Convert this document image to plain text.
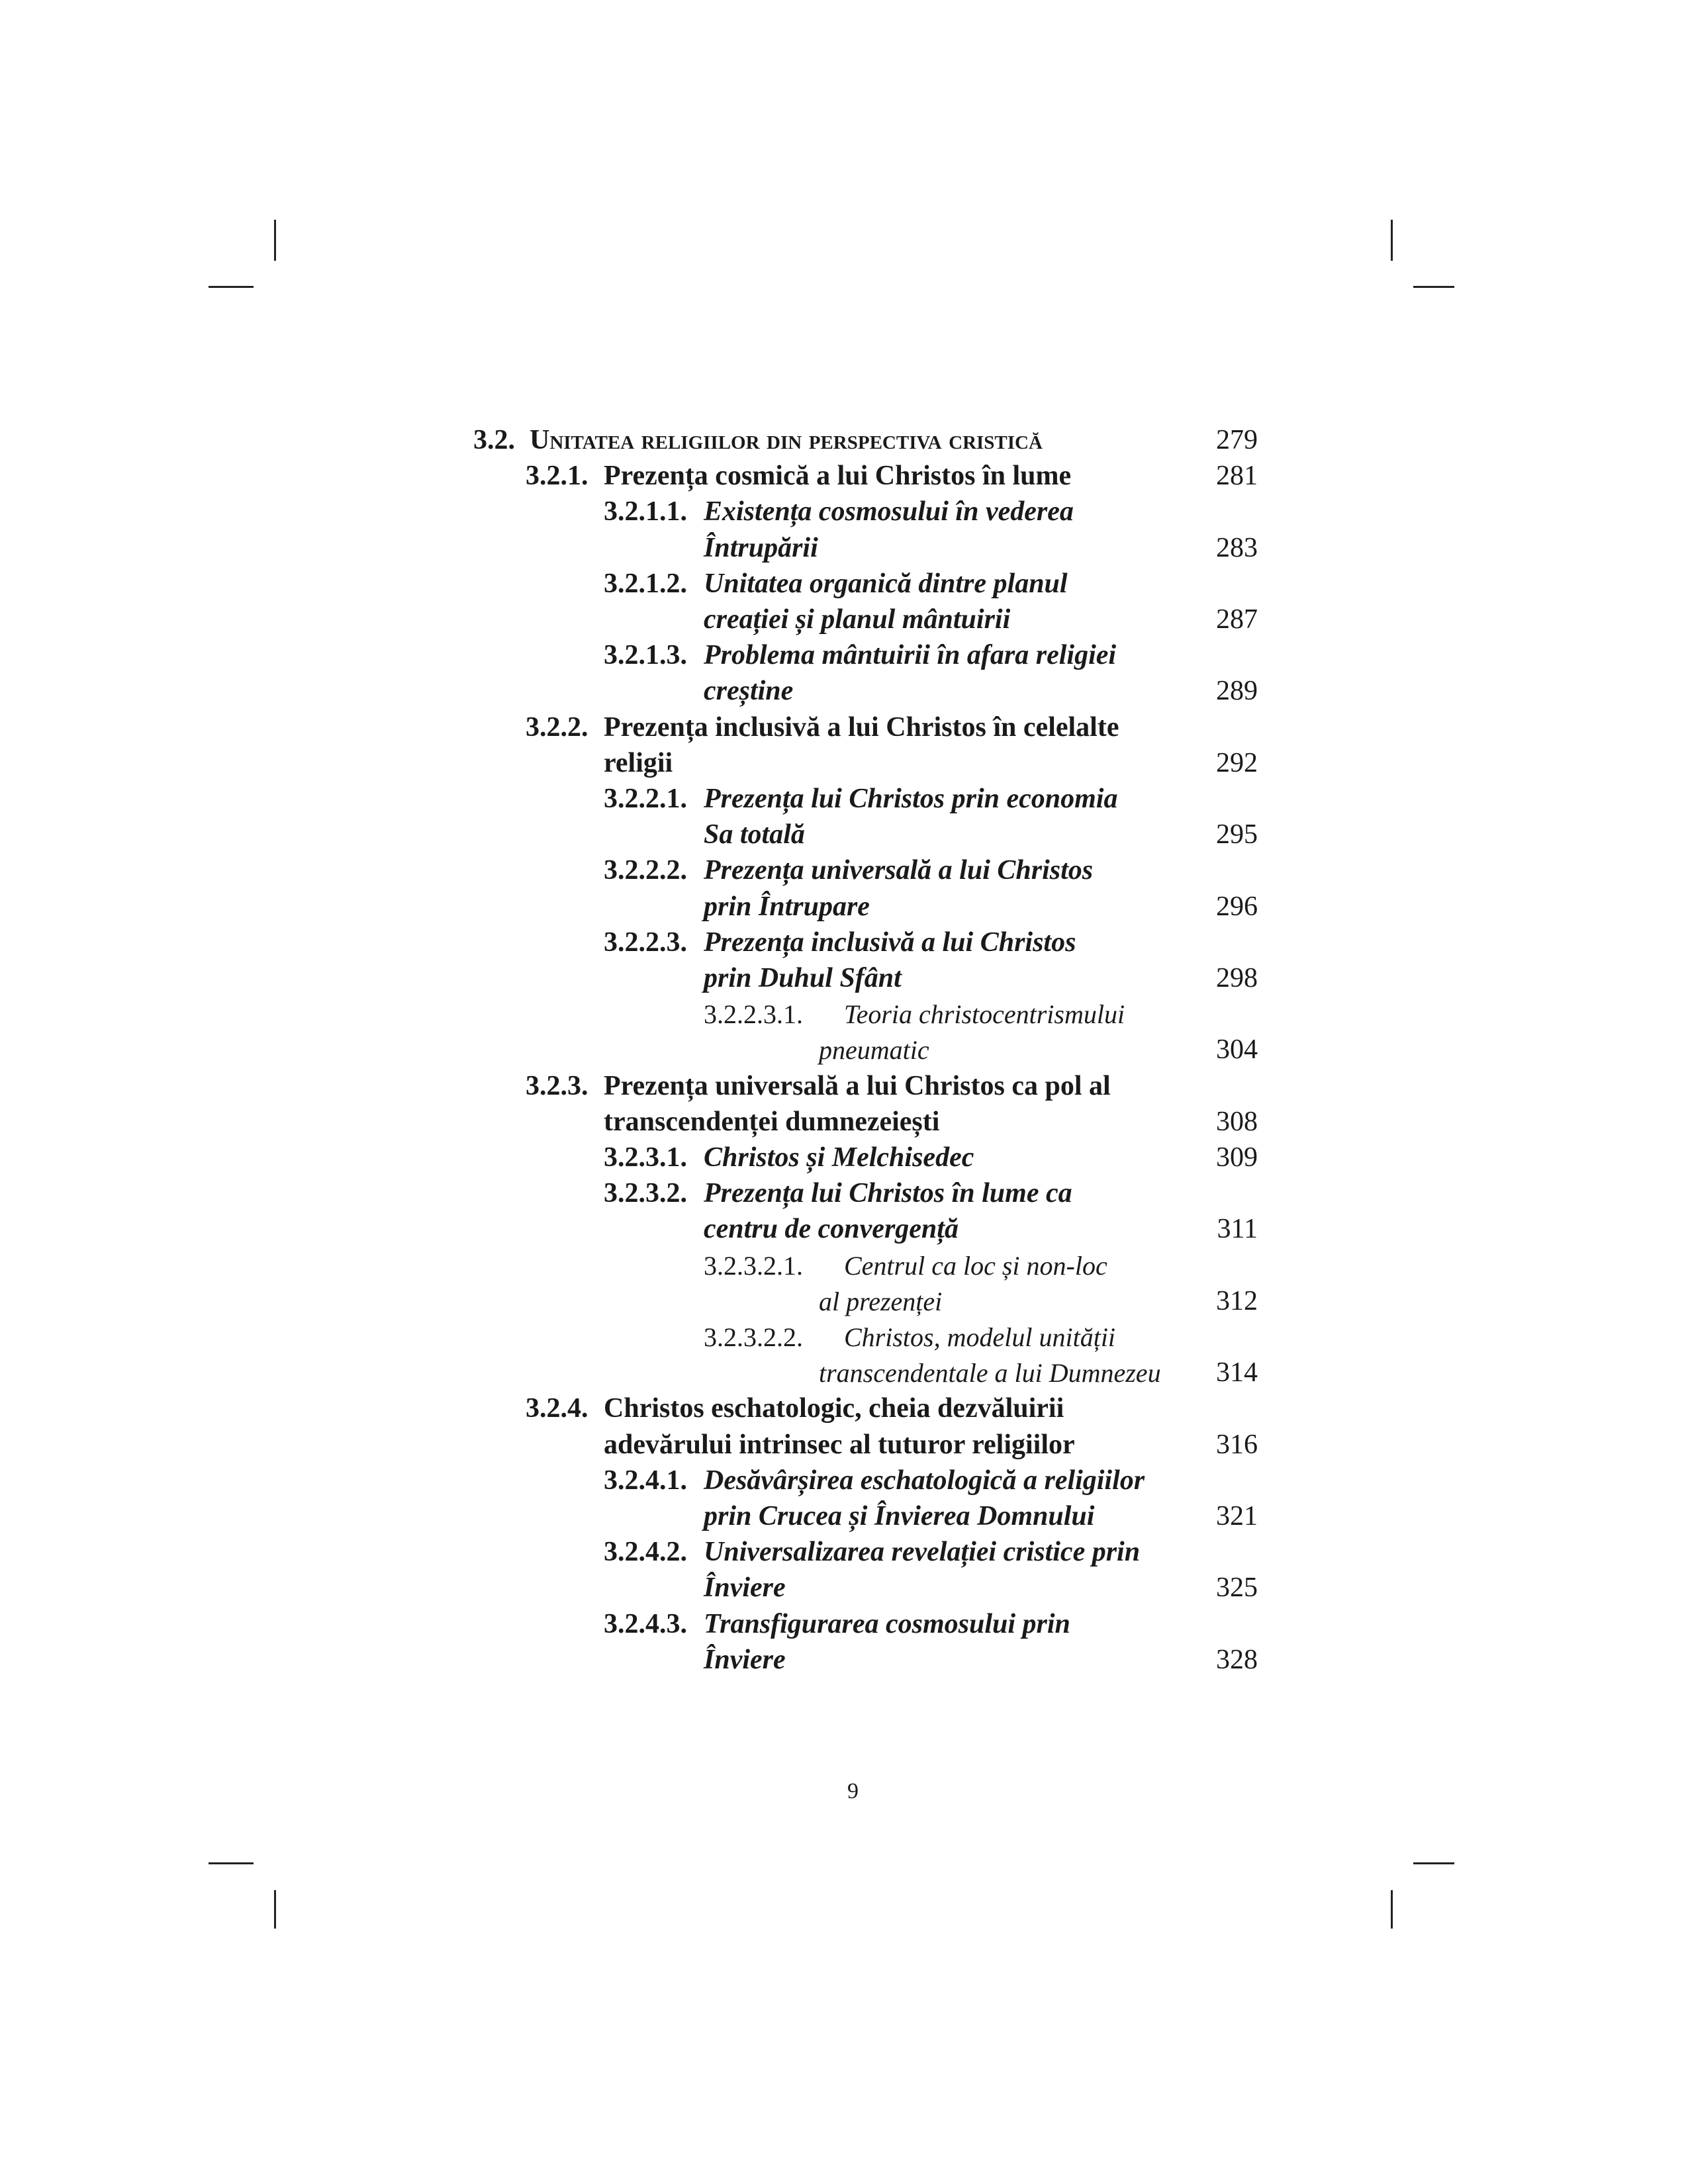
3.2. Unitatea religiilor din perspectiva cristică	279
3.2.1. Prezența cosmică a lui Christos în lume	281
3.2.1.1. Existența cosmosului în vederea
Întrupării	283
3.2.1.2. Unitatea organică dintre planul
creației și planul mântuirii	287
3.2.1.3. Problema mântuirii în afara religiei
creștine	289
3.2.2. Prezența inclusivă a lui Christos în celelalte
religii	292
3.2.2.1. Prezența lui Christos prin economia
Sa totală	295
3.2.2.2. Prezența universală a lui Christos
prin Întrupare	296
3.2.2.3. Prezența inclusivă a lui Christos
prin Duhul Sfânt	298
3.2.2.3.1. Teoria christocentrismului
pneumatic	304
3.2.3. Prezența universală a lui Christos ca pol al
transcendenței dumnezeiești	308
3.2.3.1. Christos și Melchisedec	309
3.2.3.2. Prezența lui Christos în lume ca
centru de convergență	311
3.2.3.2.1. Centrul ca loc și non-loc
al prezenței	312
3.2.3.2.2. Christos, modelul unității
transcendentale a lui Dumnezeu 314
3.2.4. Christos eschatologic, cheia dezvăluirii
adevărului intrinsec al tuturor religiilor	316
3.2.4.1. Desăvârșirea eschatologică a religiilor
prin Crucea și Învierea Domnului	321
3.2.4.2. Universalizarea revelației cristice prin
Înviere	325
3.2.4.3. Transfigurarea cosmosului prin
Înviere	328
9
